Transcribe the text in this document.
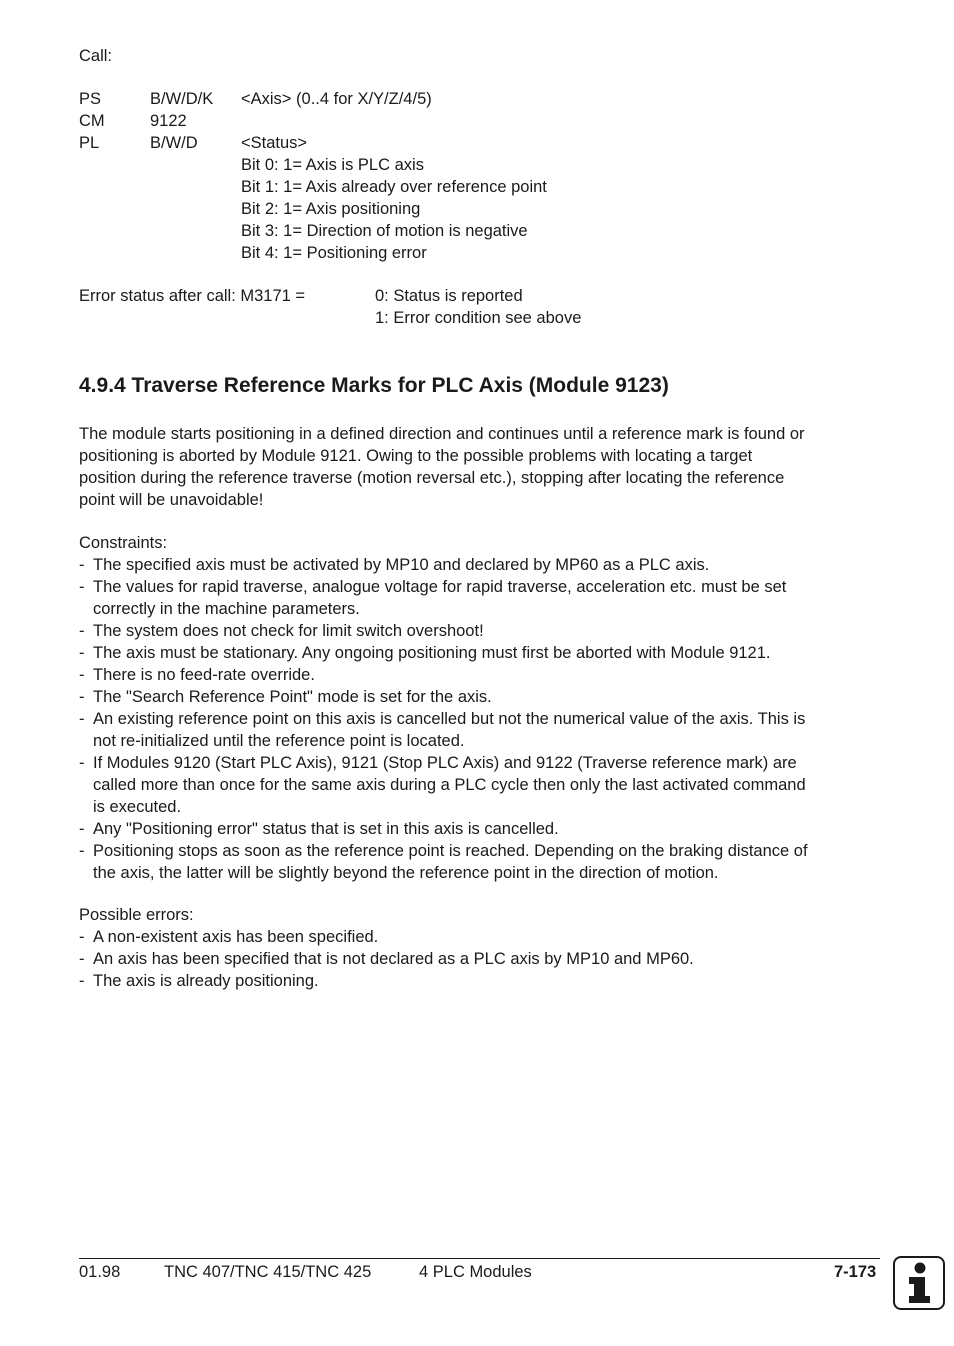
Call:
PS	B/W/D/K <Axis> (0..4 for X/Y/Z/4/5)
CM	9122
PL	B/W/D	<Status>
Bit 0: 1= Axis is PLC axis
Bit 1: 1= Axis already over reference point
Bit 2: 1= Axis positioning
Bit 3: 1= Direction of motion is negative
Bit 4: 1= Positioning error
Error status after call: M3171 =	0: Status is reported
1: Error condition see above
4.9.4 Traverse Reference Marks for PLC Axis (Module 9123)
The module starts positioning in a defined direction and continues until a reference mark is found or
positioning is aborted by Module 9121. Owing to the possible problems with locating a target
position during the reference traverse (motion reversal etc.), stopping after locating the reference
point will be unavoidable!
Constraints:
- The specified axis must be activated by MP10 and declared by MP60 as a PLC axis.
- The values for rapid traverse, analogue voltage for rapid traverse, acceleration etc. must be set
correctly in the machine parameters.
- The system does not check for limit switch overshoot!
- The axis must be stationary. Any ongoing positioning must first be aborted with Module 9121.
- There is no feed-rate override.
- The "Search Reference Point" mode is set for the axis.
- An existing reference point on this axis is cancelled but not the numerical value of the axis. This is
not re-initialized until the reference point is located.
- If Modules 9120 (Start PLC Axis), 9121 (Stop PLC Axis) and 9122 (Traverse reference mark) are
called more than once for the same axis during a PLC cycle then only the last activated command
is executed.
- Any "Positioning error" status that is set in this axis is cancelled.
- Positioning stops as soon as the reference point is reached. Depending on the braking distance of
the axis, the latter will be slightly beyond the reference point in the direction of motion.
Possible errors:
- A non-existent axis has been specified.
- An axis has been specified that is not declared as a PLC axis by MP10 and MP60.
- The axis is already positioning.
01.98	TNC 407/TNC 415/TNC 425	4 PLC Modules	7-173
